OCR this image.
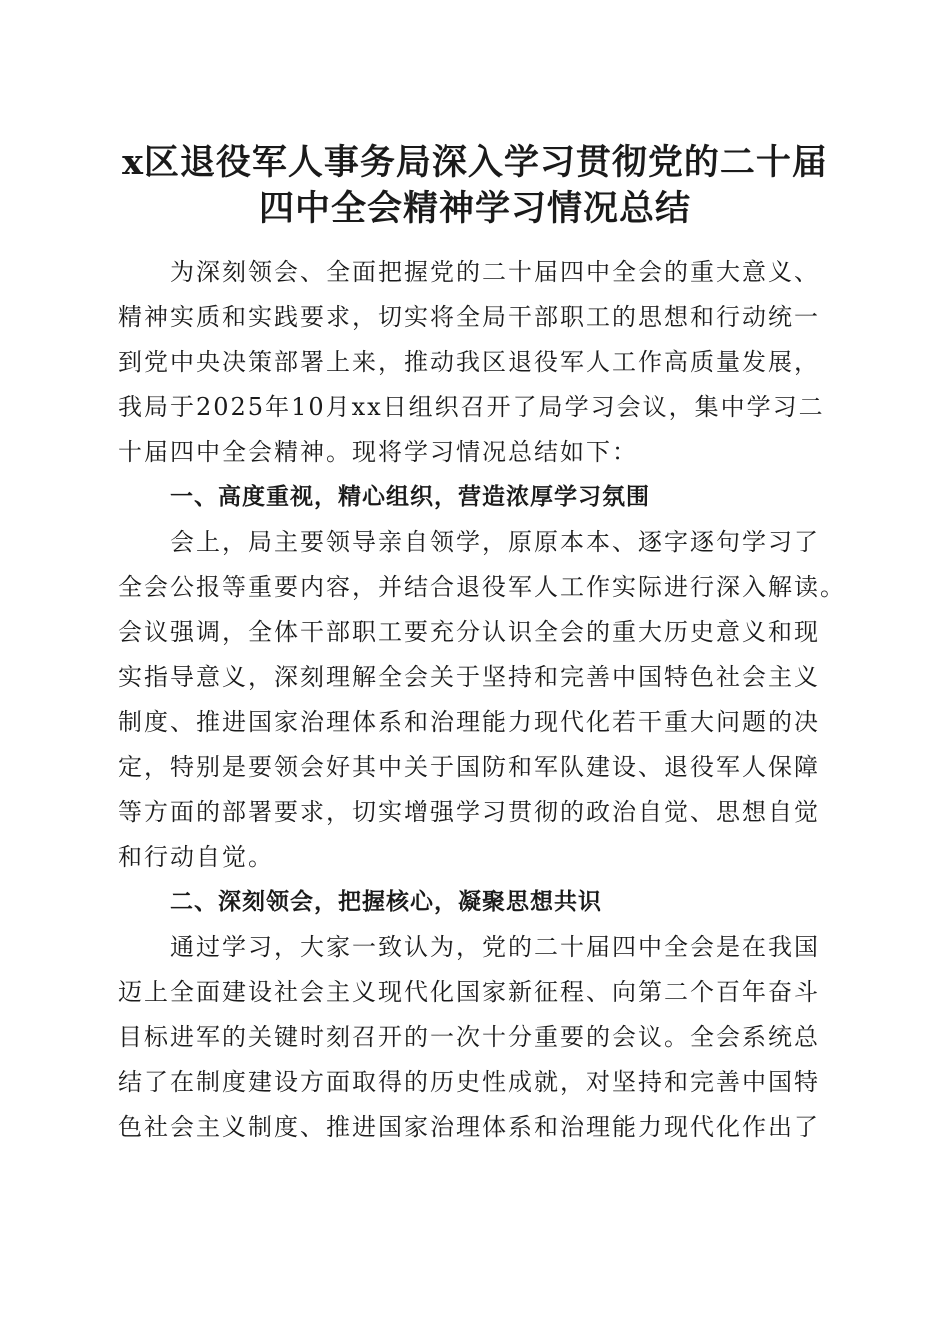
x区退役军人事务局深入学习贯彻党的二十届
四中全会精神学习情况总结
为深刻领会、全面把握党的二十届四中全会的重大意义、
精神实质和实践要求，切实将全局干部职工的思想和行动统一
到党中央决策部署上来，推动我区退役军人工作高质量发展，
我局于2025年10月xx日组织召开了局学习会议，集中学习二
十届四中全会精神。现将学习情况总结如下：
一、高度重视，精心组织，营造浓厚学习氛围
会上，局主要领导亲自领学，原原本本、逐字逐句学习了
全会公报等重要内容，并结合退役军人工作实际进行深入解读。
会议强调，全体干部职工要充分认识全会的重大历史意义和现
实指导意义，深刻理解全会关于坚持和完善中国特色社会主义
制度、推进国家治理体系和治理能力现代化若干重大问题的决
定，特别是要领会好其中关于国防和军队建设、退役军人保障
等方面的部署要求，切实增强学习贯彻的政治自觉、思想自觉
和行动自觉。
二、深刻领会，把握核心，凝聚思想共识
通过学习，大家一致认为，党的二十届四中全会是在我国
迈上全面建设社会主义现代化国家新征程、向第二个百年奋斗
目标进军的关键时刻召开的一次十分重要的会议。全会系统总
结了在制度建设方面取得的历史性成就，对坚持和完善中国特
色社会主义制度、推进国家治理体系和治理能力现代化作出了
